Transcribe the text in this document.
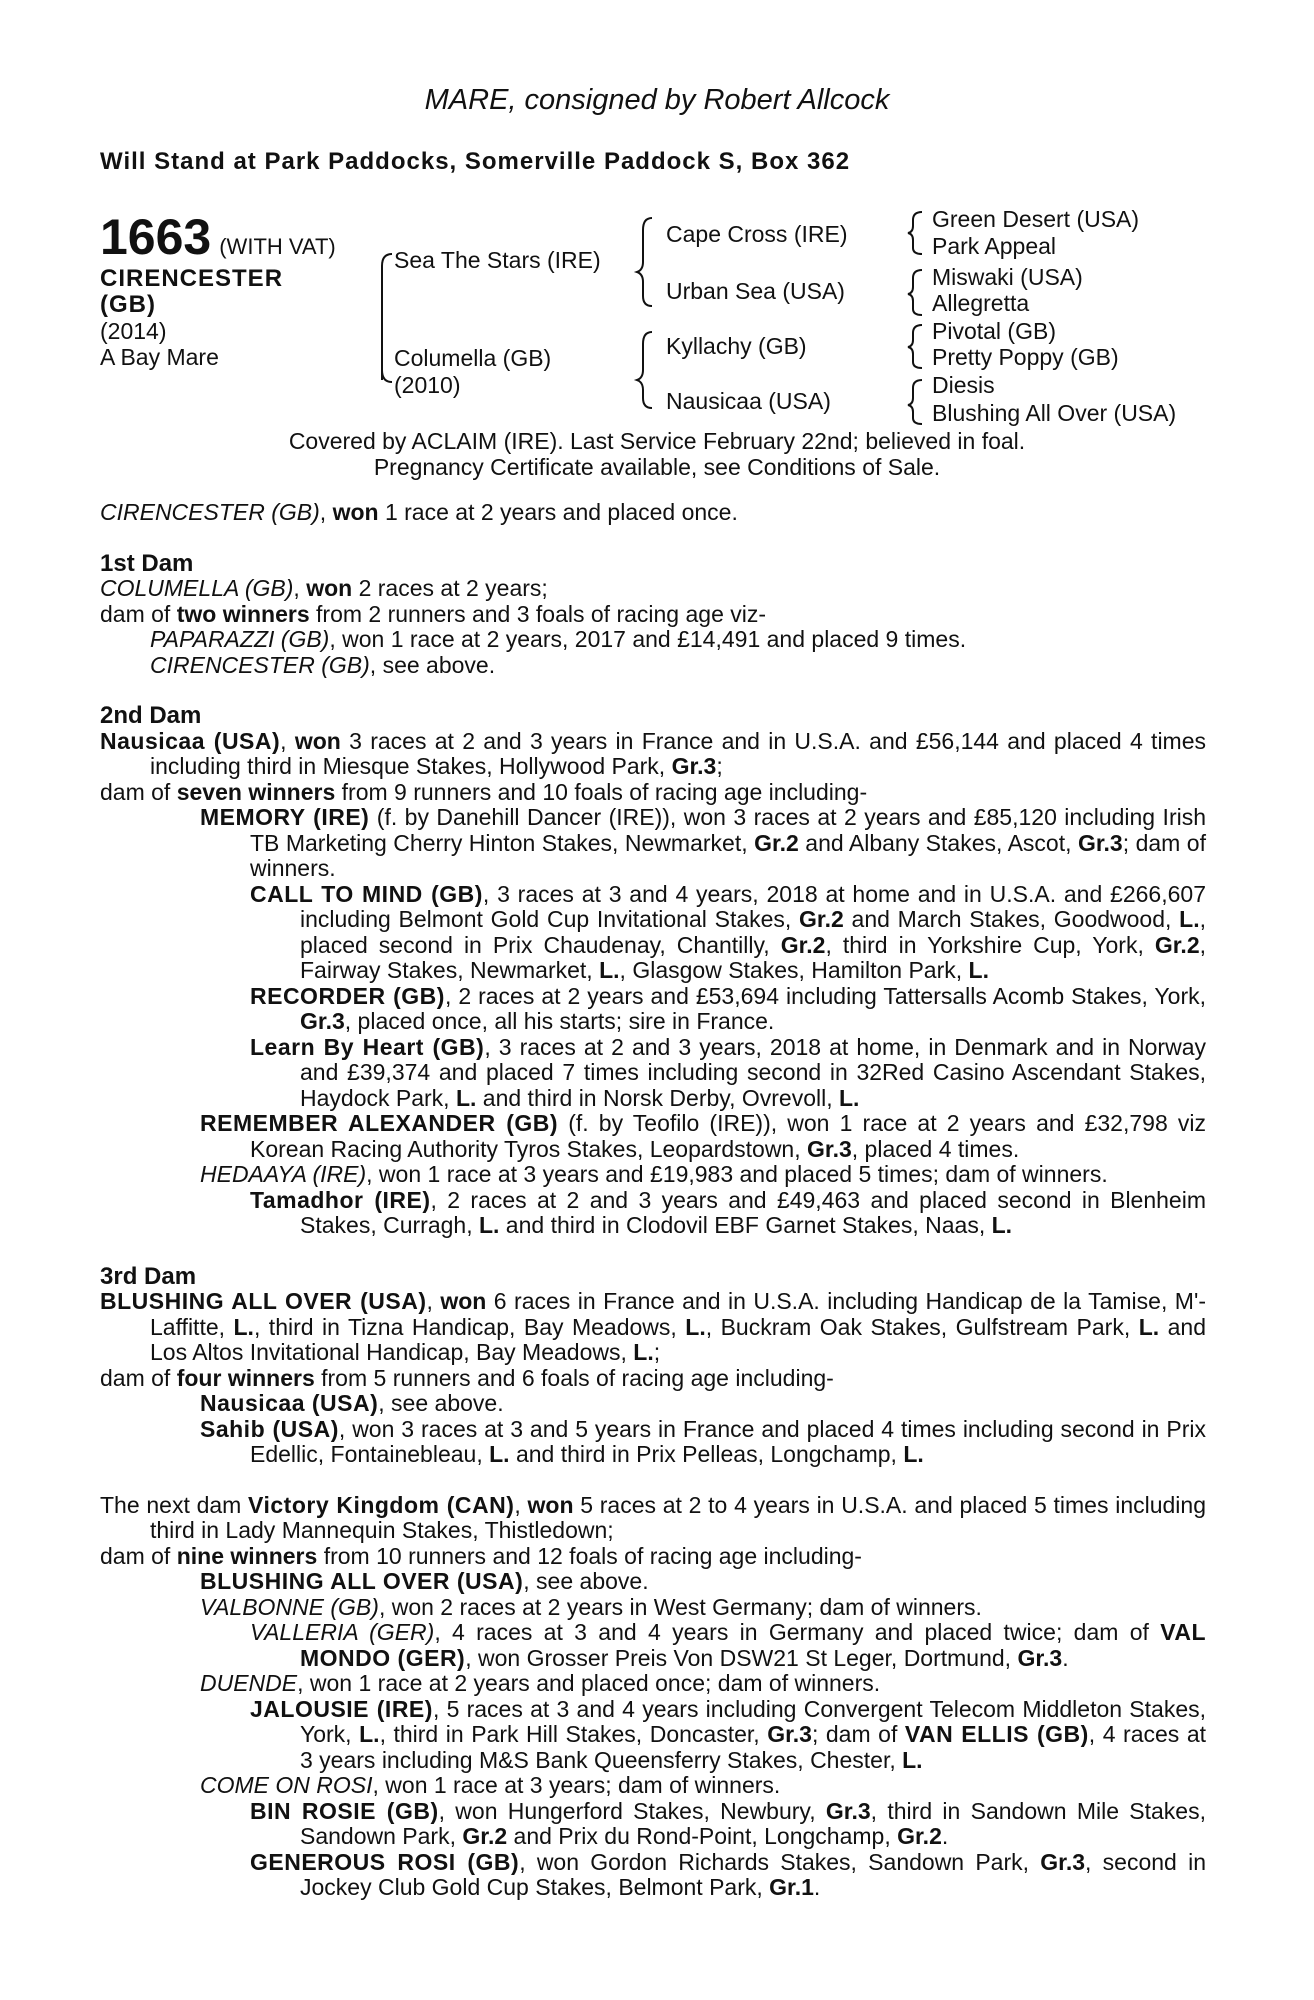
MARE, consigned by Robert Allcock
Will Stand at Park Paddocks, Somerville Paddock S, Box 362
1663 (WITH VAT)
CIRENCESTER
(GB)
(2014)
A Bay Mare
Sea The Stars (IRE)
Columella (GB)
(2010)
Cape Cross (IRE)
Urban Sea (USA)
Kyllachy (GB)
Nausicaa (USA)
Green Desert (USA)
Park Appeal
Miswaki (USA)
Allegretta
Pivotal (GB)
Pretty Poppy (GB)
Diesis
Blushing All Over (USA)
Covered by ACLAIM (IRE). Last Service February 22nd; believed in foal.
Pregnancy Certificate available, see Conditions of Sale.

CIRENCESTER (GB), won 1 race at 2 years and placed once.

1st Dam

COLUMELLA (GB), won 2 races at 2 years;

dam of two winners from 2 runners and 3 foals of racing age viz-

PAPARAZZI (GB), won 1 race at 2 years, 2017 and £14,491 and placed 9 times.

CIRENCESTER (GB), see above.

2nd Dam

Nausicaa (USA), won 3 races at 2 and 3 years in France and in U.S.A. and £56,144 and placed 4 times including third in Miesque Stakes, Hollywood Park, Gr.3;

dam of seven winners from 9 runners and 10 foals of racing age including-

MEMORY (IRE) (f. by Danehill Dancer (IRE)), won 3 races at 2 years and £85,120 including Irish TB Marketing Cherry Hinton Stakes, Newmarket, Gr.2 and Albany Stakes, Ascot, Gr.3; dam of winners.

CALL TO MIND (GB), 3 races at 3 and 4 years, 2018 at home and in U.S.A. and £266,607 including Belmont Gold Cup Invitational Stakes, Gr.2 and March Stakes, Goodwood, L., placed second in Prix Chaudenay, Chantilly, Gr.2, third in Yorkshire Cup, York, Gr.2, Fairway Stakes, Newmarket, L., Glasgow Stakes, Hamilton Park, L.

RECORDER (GB), 2 races at 2 years and £53,694 including Tattersalls Acomb Stakes, York, Gr.3, placed once, all his starts; sire in France.

Learn By Heart (GB), 3 races at 2 and 3 years, 2018 at home, in Denmark and in Norway and £39,374 and placed 7 times including second in 32Red Casino Ascendant Stakes, Haydock Park, L. and third in Norsk Derby, Ovrevoll, L.

REMEMBER ALEXANDER (GB) (f. by Teofilo (IRE)), won 1 race at 2 years and £32,798 viz Korean Racing Authority Tyros Stakes, Leopardstown, Gr.3, placed 4 times.

HEDAAYA (IRE), won 1 race at 3 years and £19,983 and placed 5 times; dam of winners.

Tamadhor (IRE), 2 races at 2 and 3 years and £49,463 and placed second in Blenheim Stakes, Curragh, L. and third in Clodovil EBF Garnet Stakes, Naas, L.

3rd Dam

BLUSHING ALL OVER (USA), won 6 races in France and in U.S.A. including Handicap de la Tamise, M'-Laffitte, L., third in Tizna Handicap, Bay Meadows, L., Buckram Oak Stakes, Gulfstream Park, L. and Los Altos Invitational Handicap, Bay Meadows, L.;

dam of four winners from 5 runners and 6 foals of racing age including-

Nausicaa (USA), see above.

Sahib (USA), won 3 races at 3 and 5 years in France and placed 4 times including second in Prix Edellic, Fontainebleau, L. and third in Prix Pelleas, Longchamp, L.

The next dam Victory Kingdom (CAN), won 5 races at 2 to 4 years in U.S.A. and placed 5 times including third in Lady Mannequin Stakes, Thistledown;

dam of nine winners from 10 runners and 12 foals of racing age including-

BLUSHING ALL OVER (USA), see above.

VALBONNE (GB), won 2 races at 2 years in West Germany; dam of winners.

VALLERIA (GER), 4 races at 3 and 4 years in Germany and placed twice; dam of VAL MONDO (GER), won Grosser Preis Von DSW21 St Leger, Dortmund, Gr.3.

DUENDE, won 1 race at 2 years and placed once; dam of winners.

JALOUSIE (IRE), 5 races at 3 and 4 years including Convergent Telecom Middleton Stakes, York, L., third in Park Hill Stakes, Doncaster, Gr.3; dam of VAN ELLIS (GB), 4 races at 3 years including M&S Bank Queensferry Stakes, Chester, L.

COME ON ROSI, won 1 race at 3 years; dam of winners.

BIN ROSIE (GB), won Hungerford Stakes, Newbury, Gr.3, third in Sandown Mile Stakes, Sandown Park, Gr.2 and Prix du Rond-Point, Longchamp, Gr.2.

GENEROUS ROSI (GB), won Gordon Richards Stakes, Sandown Park, Gr.3, second in Jockey Club Gold Cup Stakes, Belmont Park, Gr.1.
